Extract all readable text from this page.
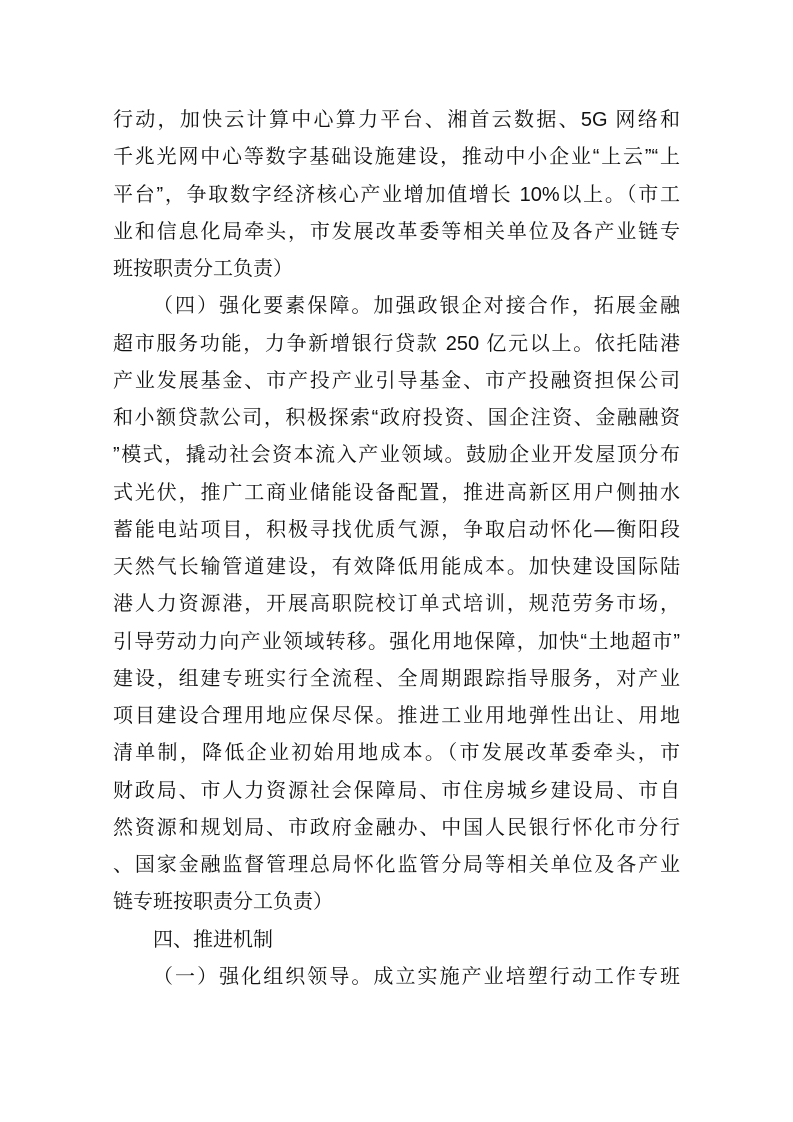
行动，加快云计算中心算力平台、湘首云数据、5G 网络和
千兆光网中心等数字基础设施建设，推动中小企业“上云”“上
平台”，争取数字经济核心产业增加值增长 10%以上。（市工
业和信息化局牵头，市发展改革委等相关单位及各产业链专
班按职责分工负责）
（四）强化要素保障。加强政银企对接合作，拓展金融
超市服务功能，力争新增银行贷款 250 亿元以上。依托陆港
产业发展基金、市产投产业引导基金、市产投融资担保公司
和小额贷款公司，积极探索“政府投资、国企注资、金融融资
”模式，撬动社会资本流入产业领域。鼓励企业开发屋顶分布
式光伏，推广工商业储能设备配置，推进高新区用户侧抽水
蓄能电站项目，积极寻找优质气源，争取启动怀化—衡阳段
天然气长输管道建设，有效降低用能成本。加快建设国际陆
港人力资源港，开展高职院校订单式培训，规范劳务市场，
引导劳动力向产业领域转移。强化用地保障，加快“土地超市”
建设，组建专班实行全流程、全周期跟踪指导服务，对产业
项目建设合理用地应保尽保。推进工业用地弹性出让、用地
清单制，降低企业初始用地成本。（市发展改革委牵头，市
财政局、市人力资源社会保障局、市住房城乡建设局、市自
然资源和规划局、市政府金融办、中国人民银行怀化市分行
、国家金融监督管理总局怀化监管分局等相关单位及各产业
链专班按职责分工负责）
四、推进机制
（一）强化组织领导。成立实施产业培塑行动工作专班
